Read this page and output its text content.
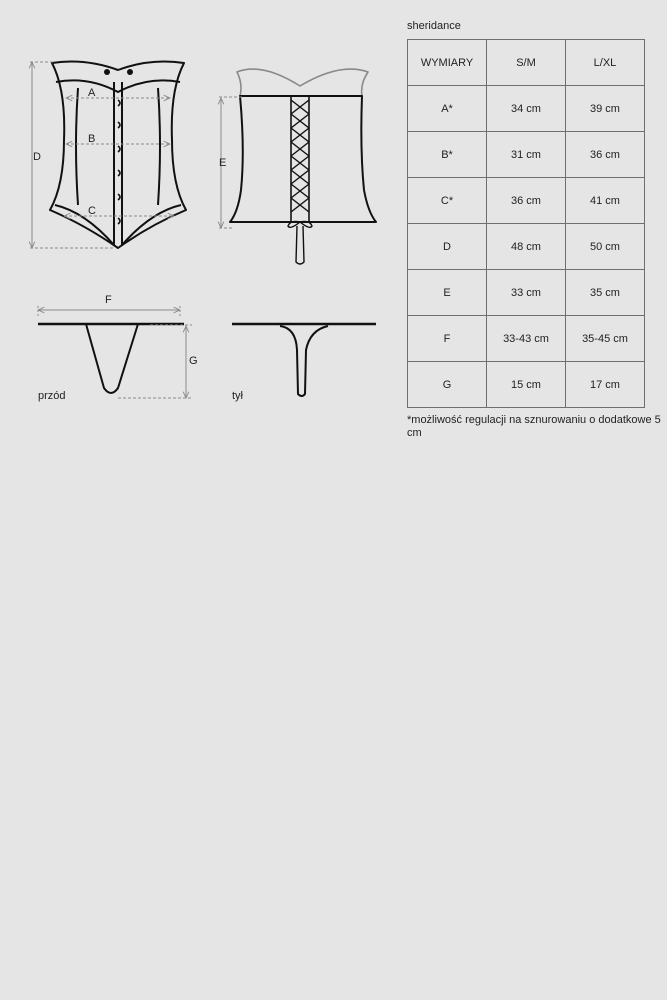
A
B
C
D	E
F
G
przód	tył
sheridance
WYMIARY	S/M	L/XL
A*	34 cm	39 cm
B*	31 cm	36 cm
C*	36 cm	41 cm
D	48 cm	50 cm
E	33 cm	35 cm
F	33-43 cm	35-45 cm
G	15 cm	17 cm
*możliwość regulacji na sznurowaniu o dodatkowe 5 cm
